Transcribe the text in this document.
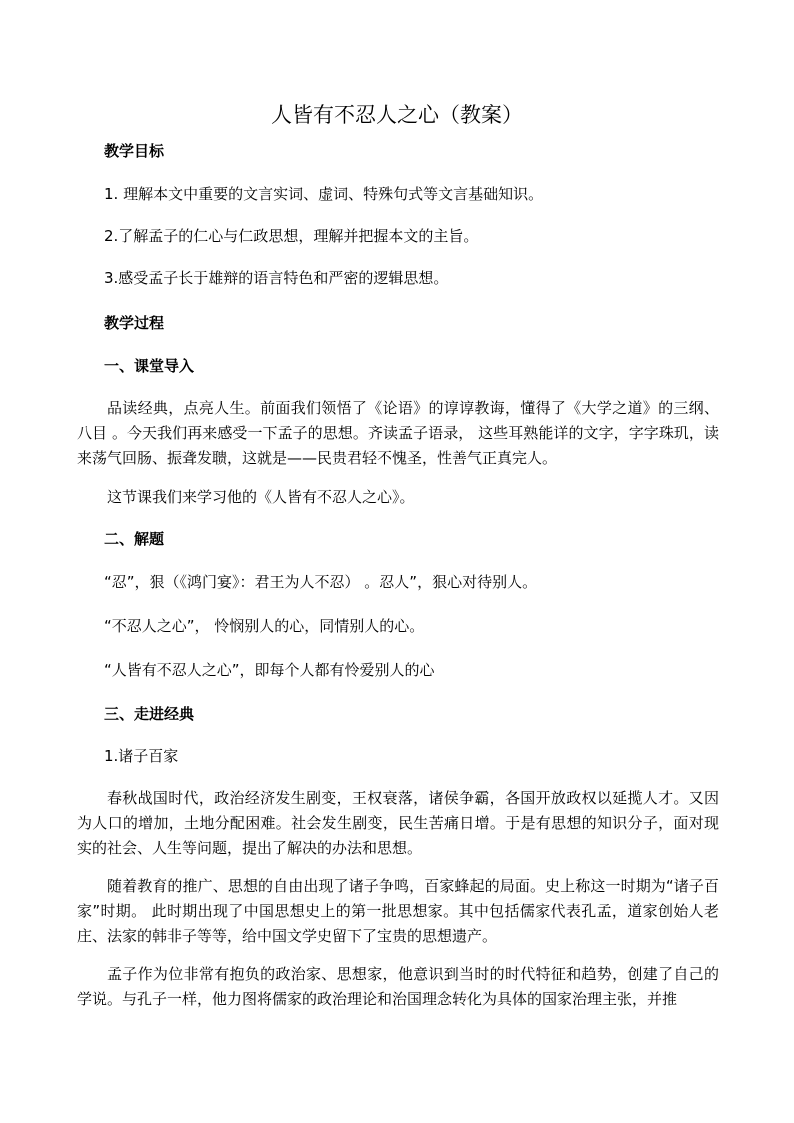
人皆有不忍人之心（教案）
教学目标
1. 理解本文中重要的文言实词、虚词、特殊句式等文言基础知识。
2.了解孟子的仁心与仁政思想，理解并把握本文的主旨。
3.感受孟子长于雄辩的语言特色和严密的逻辑思想。
教学过程
一、课堂导入
品读经典，点亮人生。前面我们领悟了《论语》的谆谆教诲，懂得了《大学之道》的三纲、八目 。今天我们再来感受一下孟子的思想。齐读孟子语录， 这些耳熟能详的文字，字字珠玑，读来荡气回肠、振聋发聩，这就是——民贵君轻不愧圣，性善气正真完人。
这节课我们来学习他的《人皆有不忍人之心》。
二、解题
“忍”，狠（《鸿门宴》：君王为人不忍） 。忍人”，狠心对待别人。
“不忍人之心”， 怜悯别人的心，同情别人的心。
“人皆有不忍人之心”，即每个人都有怜爱别人的心
三、走进经典
1.诸子百家
春秋战国时代，政治经济发生剧变，王权衰落，诸侯争霸，各国开放政权以延揽人才。又因为人口的增加，土地分配困难。社会发生剧变，民生苦痛日增。于是有思想的知识分子，面对现实的社会、人生等问题，提出了解决的办法和思想。
随着教育的推广、思想的自由出现了诸子争鸣，百家蜂起的局面。史上称这一时期为“诸子百家”时期。 此时期出现了中国思想史上的第一批思想家。其中包括儒家代表孔孟，道家创始人老庄、法家的韩非子等等，给中国文学史留下了宝贵的思想遗产。
孟子作为位非常有抱负的政治家、思想家，他意识到当时的时代特征和趋势，创建了自己的学说。与孔子一样，他力图将儒家的政治理论和治国理念转化为具体的国家治理主张，并推
